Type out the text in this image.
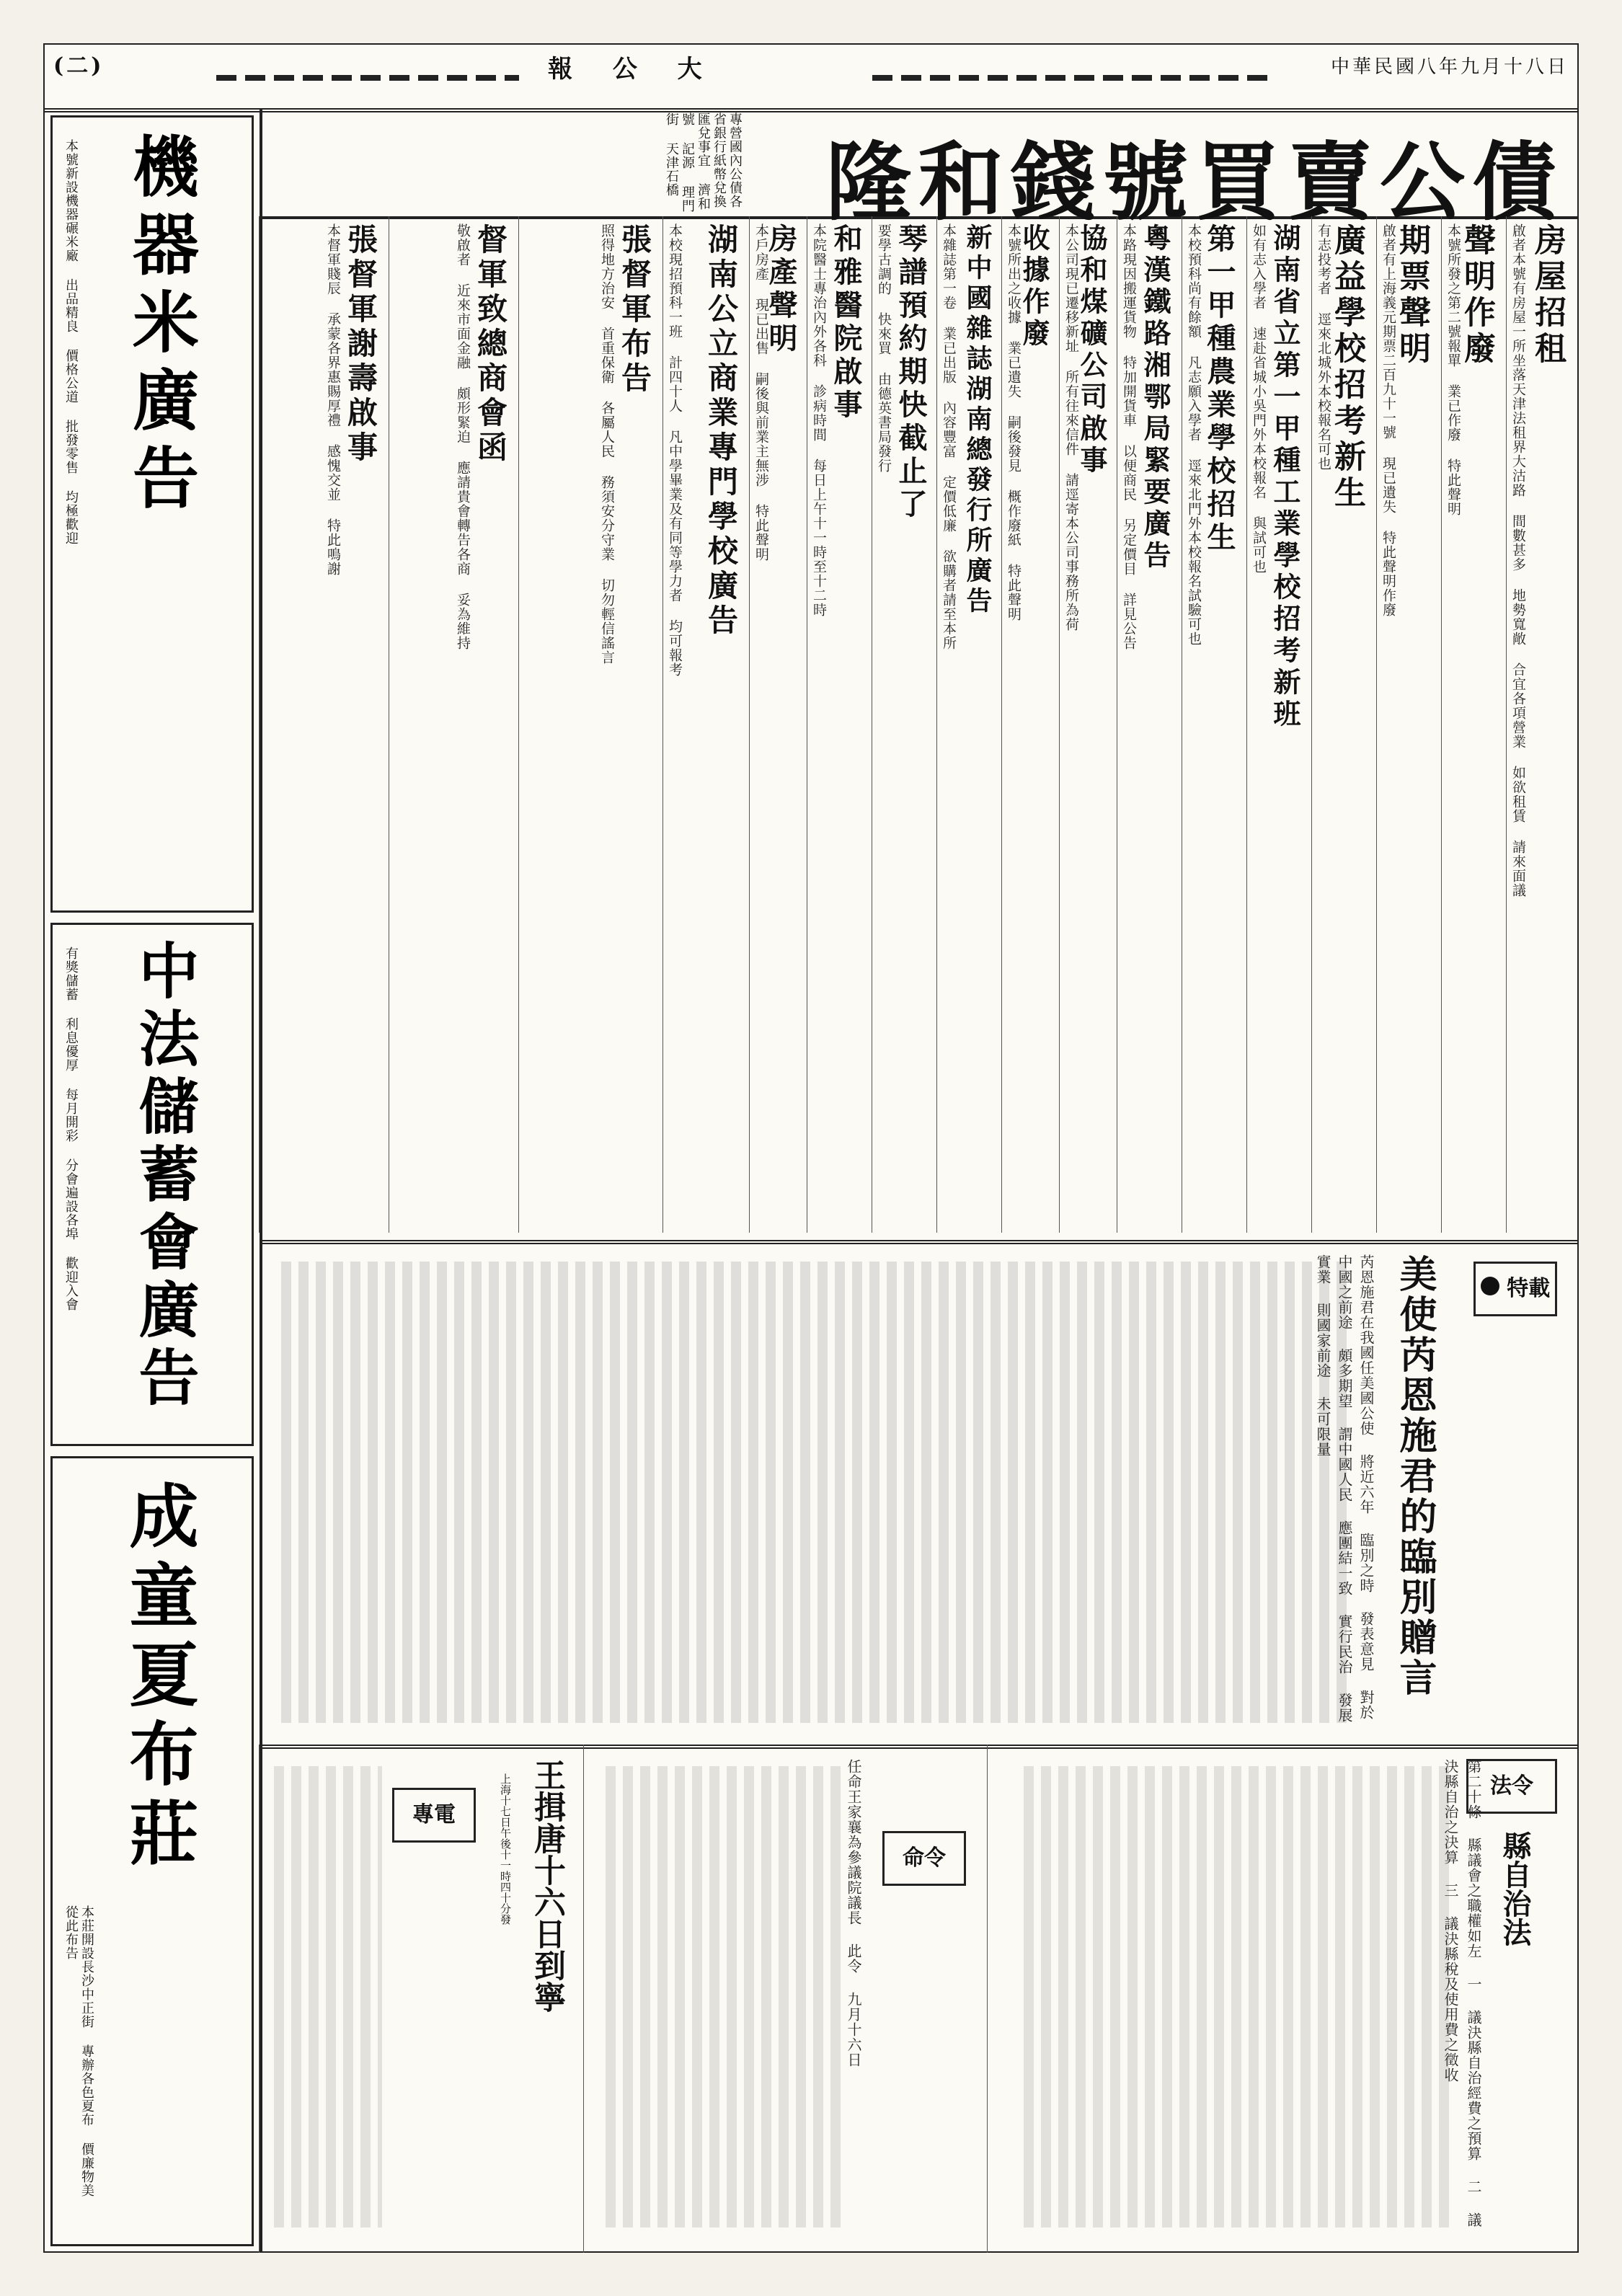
(二)	報 公 大	中華民國八年九月十八日
機器米廣告
本號新設機器碾米廠 出品精良 價格公道 批發零售 均極歡迎
中法儲蓄會廣告
有獎儲蓄 利息優厚 每月開彩 分會遍設各埠 歡迎入會
成童夏布莊
本莊開設長沙中正街 專辦各色夏布 價廉物美 從此布告
專營國內公債各省銀行紙幣兌換匯兌事宜 濟和號 記源 理門街 天津石橋	隆和錢號買賣公債
房屋招租
啟者本號有房屋一所坐落天津法租界大沽路 間數甚多 地勢寬敞 合宜各項營業 如欲租賃 請來面議
聲明作廢
本號所發之第二號報單 業已作廢 特此聲明
期票聲明
啟者有上海義元期票二百九十一號 現已遺失 特此聲明作廢
廣益學校招考新生
有志投考者 逕來北城外本校報名可也
湖南省立第一甲種工業學校招考新班
如有志入學者 速赴省城小吳門外本校報名 與試可也
第一甲種農業學校招生
本校預科尚有餘額 凡志願入學者 逕來北門外本校報名試驗可也
粵漢鐵路湘鄂局緊要廣告
本路現因搬運貨物 特加開貨車 以便商民 另定價目 詳見公告
協和煤礦公司啟事
本公司現已遷移新址 所有往來信件 請逕寄本公司事務所為荷
收據作廢
本號所出之收據 業已遺失 嗣後發見 概作廢紙 特此聲明
新中國雜誌湖南總發行所廣告
本雜誌第一卷 業已出版 內容豐富 定價低廉 欲購者請至本所
琴譜預約期快截止了
要學古調的 快來買 由德英書局發行
和雅醫院啟事
本院醫士專治內外各科 診病時間 每日上午十一時至十二時
房產聲明
本戶房產 現已出售 嗣後與前業主無涉 特此聲明
湖南公立商業專門學校廣告
本校現招預科一班 計四十人 凡中學畢業及有同等學力者 均可報考
張督軍布告
照得地方治安 首重保衛 各屬人民 務須安分守業 切勿輕信謠言
督軍致總商會函
敬啟者 近來市面金融 頗形緊迫 應請貴會轉告各商 妥為維持
張督軍謝壽啟事
本督軍賤辰 承蒙各界惠賜厚禮 感愧交並 特此鳴謝
特載
美使芮恩施君的臨別贈言
芮恩施君在我國任美國公使 將近六年 臨別之時 發表意見 對於中國之前途 頗多期望 謂中國人民 應團結一致 實行民治 發展實業 則國家前途 未可限量
法令
縣自治法
第二十條 縣議會之職權如左 一 議決縣自治經費之預算 二 議決縣自治之決算 三 議決縣稅及使用費之徵收
命令
任命王家襄為參議院議長 此令 九月十六日
王揖唐十六日到寧
上海十七日午後十一時四十分發
專電
